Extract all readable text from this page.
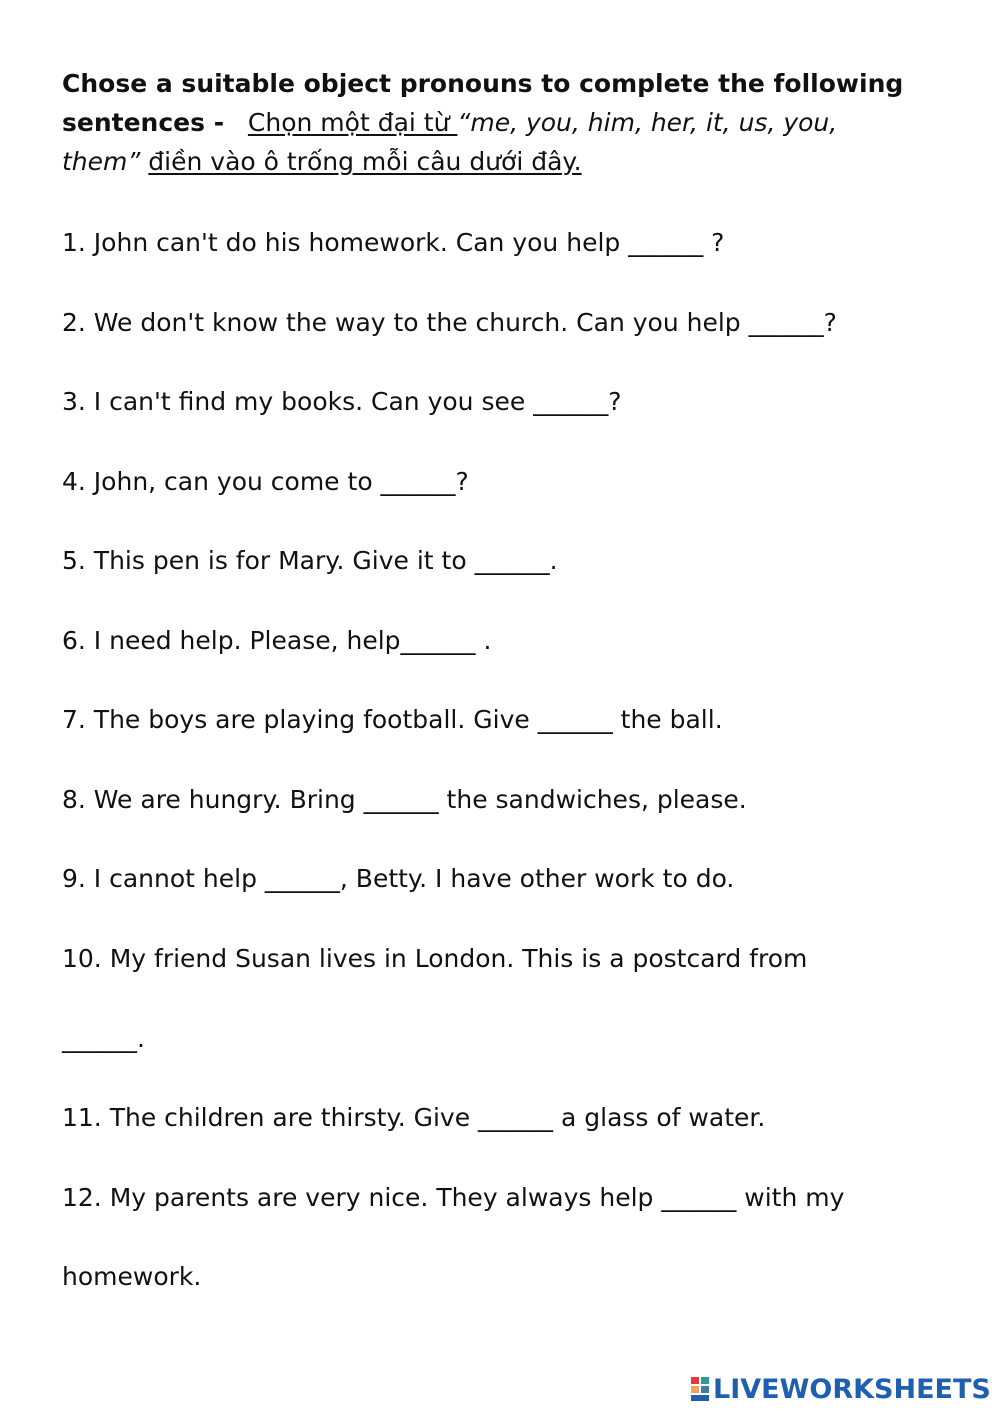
Chose a suitable object pronouns to complete the following
sentences - Chọn một đại từ “me, you, him, her, it, us, you,
them” điền vào ô trống mỗi câu dưới đây.
1. John can't do his homework. Can you help ______ ?
2. We don't know the way to the church. Can you help ______?
3. I can't find my books. Can you see ______?
4. John, can you come to ______?
5. This pen is for Mary. Give it to ______.
6. I need help. Please, help______ .
7. The boys are playing football. Give ______ the ball.
8. We are hungry. Bring ______ the sandwiches, please.
9. I cannot help ______, Betty. I have other work to do.
10. My friend Susan lives in London. This is a postcard from
______.
11. The children are thirsty. Give ______ a glass of water.
12. My parents are very nice. They always help ______ with my
homework.
LIVEWORKSHEETS
